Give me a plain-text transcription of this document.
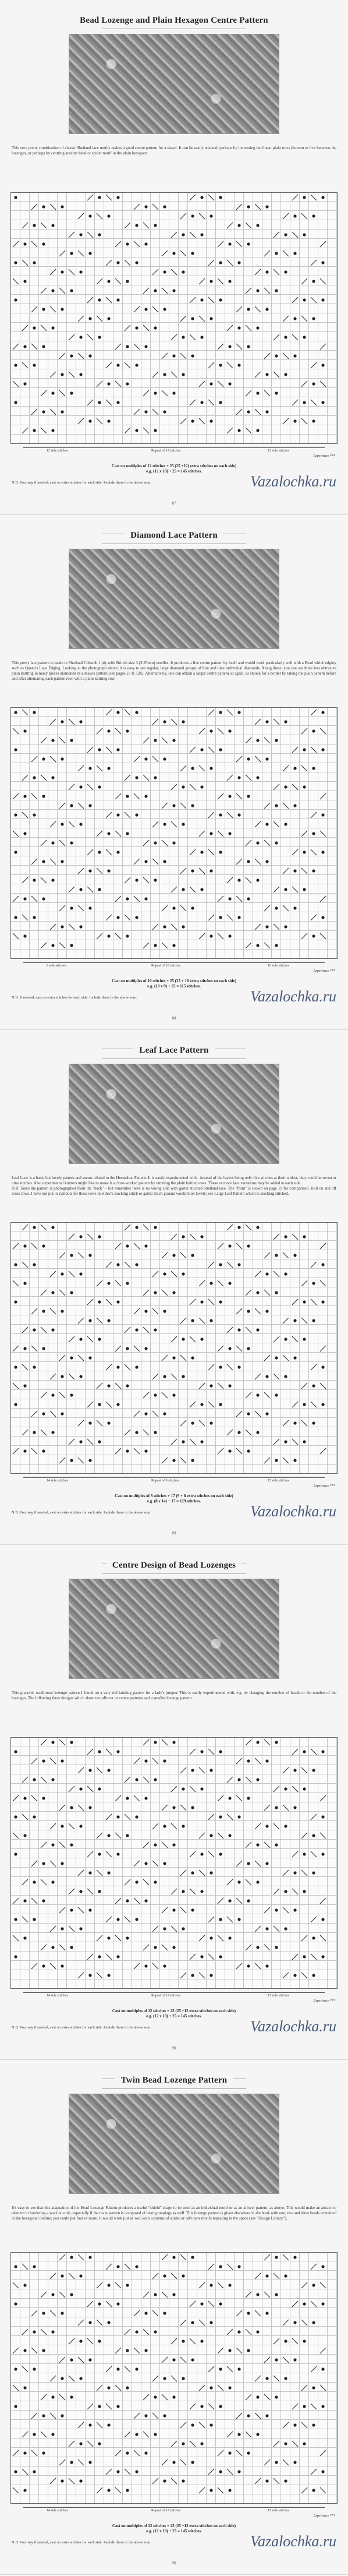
Bead Lozenge and Plain Hexagon Centre Pattern
This very pretty combination of classic Shetland lace motifs makes a good centre pattern for a shawl. It can be easily adapted, perhaps by increasing the linear plain rows (bottom to five between the lozenges, or perhaps by centring another bead or spider motif in the plain hexagons.

12 side stitches	Repeat of 12 stitches	13 side stitches
Experience ***
Cast on multiples of 12 stitches + 25 (25 +12) extra stitches on each side)
e.g. (12 x 10) + 25 = 145 stitches.
N.B. You may if needed, cast on extra stitches for each side. Include these in the above sum.	Vazalochka.ru
87
Diamond Lace Pattern
This pretty lace pattern is made in Shetland Cobweb 1 ply with British size 3 (3.25mm) needles. It produces a fine centre pattern by itself and would work particularly well with a Bead which edging such as Queen's Lace Edging. Looking at the photograph above, it is easy to see regular, large diamond groups of four and nine individual diamonds. Along these, you can see three less obtrusive plain knitting in many pieces diamonds in a shawls pattern (see pages 23 & 126). Alternatively, one can obtain a larger centre pattern so again, as shown for a border by taking the plain pattern before and after alternating each pattern row, with a plain knitting row.

9 side stitches	Repeat of 10 stitches	16 side stitches
Experience ***
Cast on multiples of 10 stitches + 25 (25 + 16 extra stitches on each side)
e.g. (10 x 9) + 25 = 115 stitches.
N.B. If needed, cast on extra stitches for each side. Include these in the above sum.	Vazalochka.ru
88
Leaf Lace Pattern
Leaf Lace is a basic but lovely pattern and seems related to the Horseshoe Pattern. It is easily experimented with - instead of the leaves being only five stitches at their widest, they could be seven or nine stitches. Also experimental knitters might like to make it a close-worked pattern by omitting the plain knitted rows. These or more lace variations may be added to each side.
N.B. Since the pattern is photographed from the "back" – but remember there is no wrong side with garter stitched Shetland lace. The "front" is shown on page 19 for comparison. Knit on and off cross rows. I have not put in symbols for these rows in either's stocking stitch or garter stitch ground would look lovely; see Large Leaf Pattern which is stocking stitched.
14 side stitches	Repeat of 8 stitches	15 side stitches
Experience ***
Cast on multiples of 8 stitches + 17 (9 + 8 extra stitches on each side)
e.g. (8 x 14) + 17 = 129 stitches.
N.B. You may if needed, cast on extra stitches for each side. Include these in the above sum.	Vazalochka.ru
89
Centre Design of Bead Lozenges
This graceful, traditional lozenge pattern I found on a very old knitting pattern for a lady's jumper. This is easily experimented with, e.g. by changing the number of beads or the number of the lozenges. The following three designs which show two allover or centre patterns and a smaller lozenge pattern.

14 side stitches	Repeat of 12 stitches	15 side stitches
Experience ***
Cast on multiples of 12 stitches + 25 (25 +12 extra stitches on each side)
e.g. (12 x 10) + 25 = 145 stitches.
N.B. You may if needed, cast on extra stitches for each side. Include these in the above sum.	Vazalochka.ru
90
Twin Bead Lozenge Pattern
It's easy to see that this adaptation of the Bead Lozenge Pattern produces a useful "shield" shape to be used as an individual motif or as an allover pattern, as above. This would make an attractive element in bordering a scarf or stole, especially if the main pattern is composed of bead groupings as well. This lozenge pattern is given elsewhere in the book with one, two and three beads contained in the hexagonal outline; you could put four or more. It would work just as well with columns of spider or cat's paw motifs repeating in the space (see "Design Library").

14 side stitches	Repeat of 12 stitches	15 side stitches
Experience ***
Cast on multiples of 12 stitches + 25 (25 +12 extra stitches on each side)
e.g. (12 x 10) + 25 = 145 stitches.
N.B. You may if needed, cast on extra stitches for each side. Include these in the above sum.	Vazalochka.ru
90
